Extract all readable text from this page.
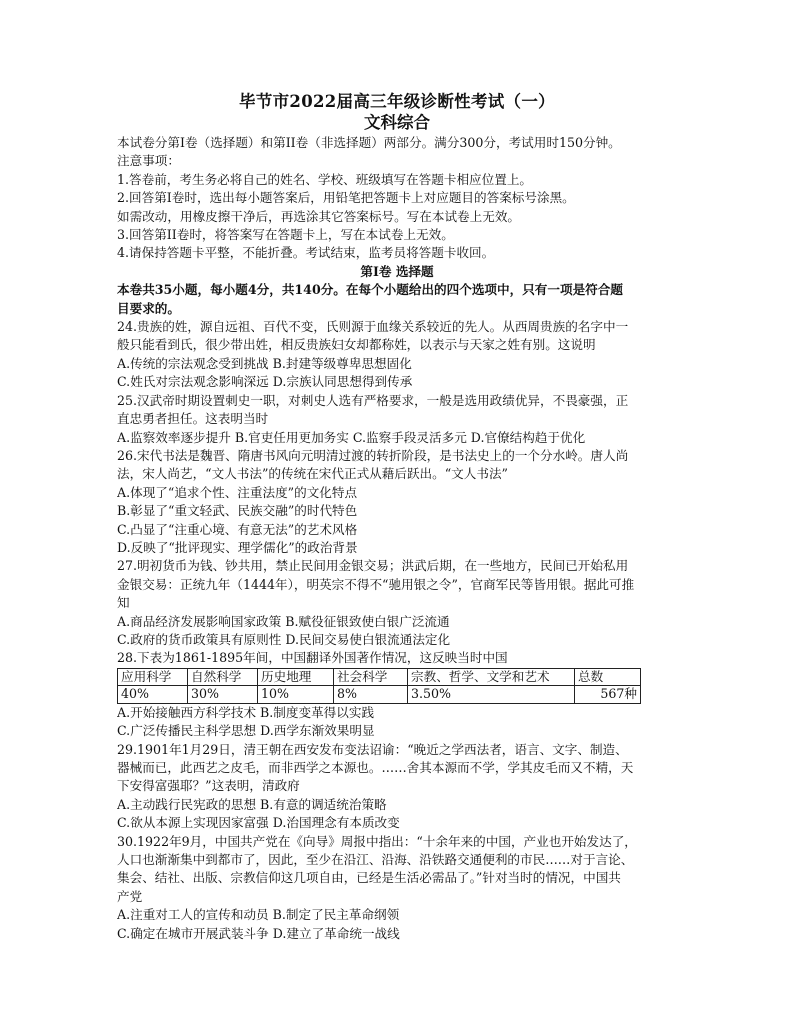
毕节市2022届高三年级诊断性考试（一）

文科综合

本试卷分第I卷（选择题）和第II卷（非选择题）两部分。满分300分，考试用时150分钟。

注意事项：

1.答卷前，考生务必将自己的姓名、学校、班级填写在答题卡相应位置上。

2.回答第I卷时，选出每小题答案后，用铅笔把答题卡上对应题目的答案标号涂黑。

如需改动，用橡皮擦干净后，再选涂其它答案标号。写在本试卷上无效。

3.回答第II卷时，将答案写在答题卡上，写在本试卷上无效。

4.请保持答题卡平整，不能折叠。考试结束，监考员将答题卡收回。

第I卷 选择题

本卷共35小题，每小题4分，共140分。在每个小题给出的四个选项中，只有一项是符合题

目要求的。

24.贵族的姓，源自远祖、百代不变，氏则源于血缘关系较近的先人。从西周贵族的名字中一

般只能看到氏，很少带出姓，相反贵族妇女却都称姓，以表示与天家之姓有别。这说明

A.传统的宗法观念受到挑战 B.封建等级尊卑思想固化

C.姓氏对宗法观念影响深远 D.宗族认同思想得到传承

25.汉武帝时期设置刺史一职，对刺史人选有严格要求，一般是选用政绩优异，不畏豪强，正

直忠勇者担任。这表明当时

A.监察效率逐步提升 B.官吏任用更加务实 C.监察手段灵活多元 D.官僚结构趋于优化

26.宋代书法是魏晋、隋唐书风向元明清过渡的转折阶段，是书法史上的一个分水岭。唐人尚

法，宋人尚艺，“文人书法”的传统在宋代正式从藉后跃出。“文人书法”

A.体现了“追求个性、注重法度”的文化特点

B.彰显了“重文轻武、民族交融”的时代特色

C.凸显了“注重心境、有意无法”的艺术风格

D.反映了“批评现实、理学儒化”的政治背景

27.明初货币为钱、钞共用，禁止民间用金银交易；洪武后期，在一些地方，民间已开始私用

金银交易：正统九年（1444年），明英宗不得不“驰用银之令”，官商军民等皆用银。据此可推

知

A.商品经济发展影响国家政策 B.赋役征银致使白银广泛流通

C.政府的货币政策具有原则性 D.民间交易使白银流通法定化

28.下表为1861-1895年间，中国翻译外国著作情况，这反映当时中国

应用科学	自然科学	历史地理	社会科学	宗教、哲学、文学和艺术	总数
40%	30%	10%	8%	3.50%	567种

A.开始接触西方科学技术 B.制度变革得以实践

C.广泛传播民主科学思想 D.西学东渐效果明显

29.1901年1月29日，清王朝在西安发布变法诏谕：“晚近之学西法者，语言、文字、制造、

器械而已，此西艺之皮毛，而非西学之本源也。……舍其本源而不学，学其皮毛而又不精，天

下安得富强耶？”这表明，清政府

A.主动践行民宪政的思想 B.有意的调适统治策略

C.欲从本源上实现因家富强 D.治国理念有本质改变

30.1922年9月，中国共产党在《向导》周报中指出：“十余年来的中国，产业也开始发达了，

人口也渐渐集中到都市了，因此，至少在沿江、沿海、沿铁路交通便利的市民……对于言论、

集会、结社、出版、宗教信仰这几项自由，已经是生活必需品了。”针对当时的情况，中国共

产党

A.注重对工人的宣传和动员 B.制定了民主革命纲领

C.确定在城市开展武装斗争 D.建立了革命统一战线
